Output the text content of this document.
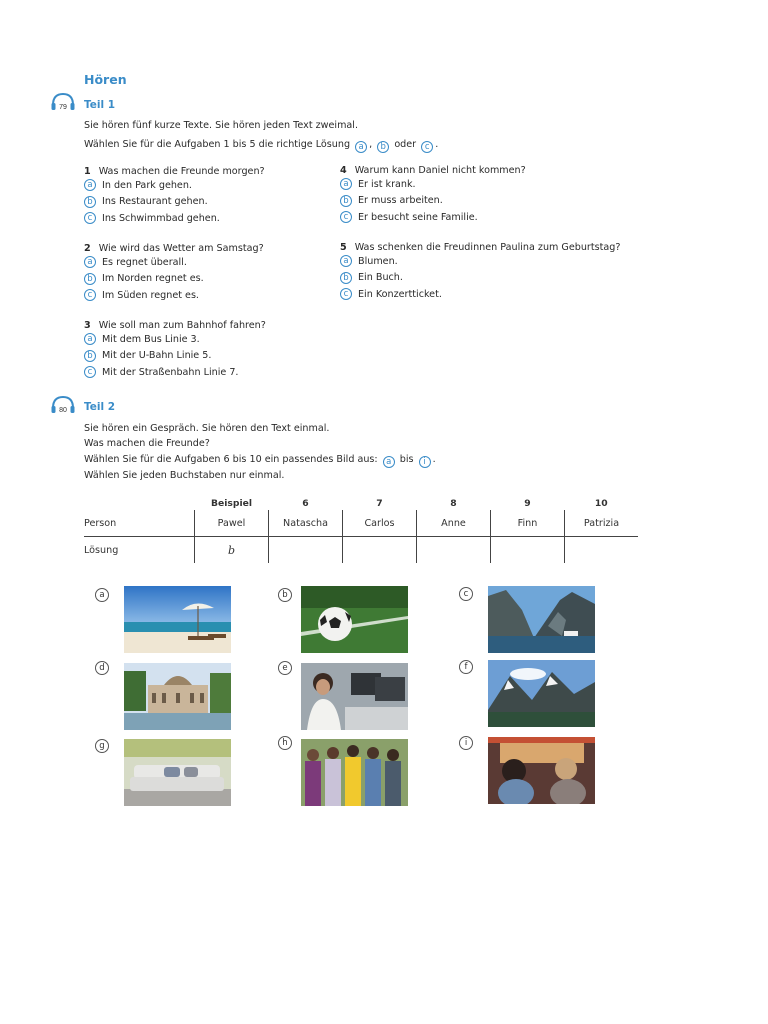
Hören
79 Teil 1
Sie hören fünf kurze Texte. Sie hören jeden Text zweimal.
Wählen Sie für die Aufgaben 1 bis 5 die richtige Lösung a , b oder c .
1 Was machen die Freunde morgen?
a In den Park gehen.
b Ins Restaurant gehen.
c	Ins Schwimmbad gehen.
2 Wie wird das Wetter am Samstag?
a Es regnet überall.
b Im Norden regnet es.
c	Im Süden regnet es.
3 Wie soll man zum Bahnhof fahren?
a Mit dem Bus Linie 3.
b Mit der U-Bahn Linie 5.
c	Mit der Straßenbahn Linie 7.
4 Warum kann Daniel nicht kommen?
a Er ist krank.
b Er muss arbeiten.
c	Er besucht seine Familie.
5 Was schenken die Freudinnen Paulina zum Geburtstag?
a Blumen.
b Ein Buch.
c	Ein Konzertticket.
80 Teil 2
Sie hören ein Gespräch. Sie hören den Text einmal.
Was machen die Freunde?
Wählen Sie für die Aufgaben 6 bis 10 ein passendes Bild aus: a bis i .
Wählen Sie jeden Buchstaben nur einmal.
	Beispiel	6	7	8	9	10
Person	Pawel	Natascha	Carlos	Anne	Finn	Patrizia
Lösung	b					
a	b	c
d	e	f
g	h	i
